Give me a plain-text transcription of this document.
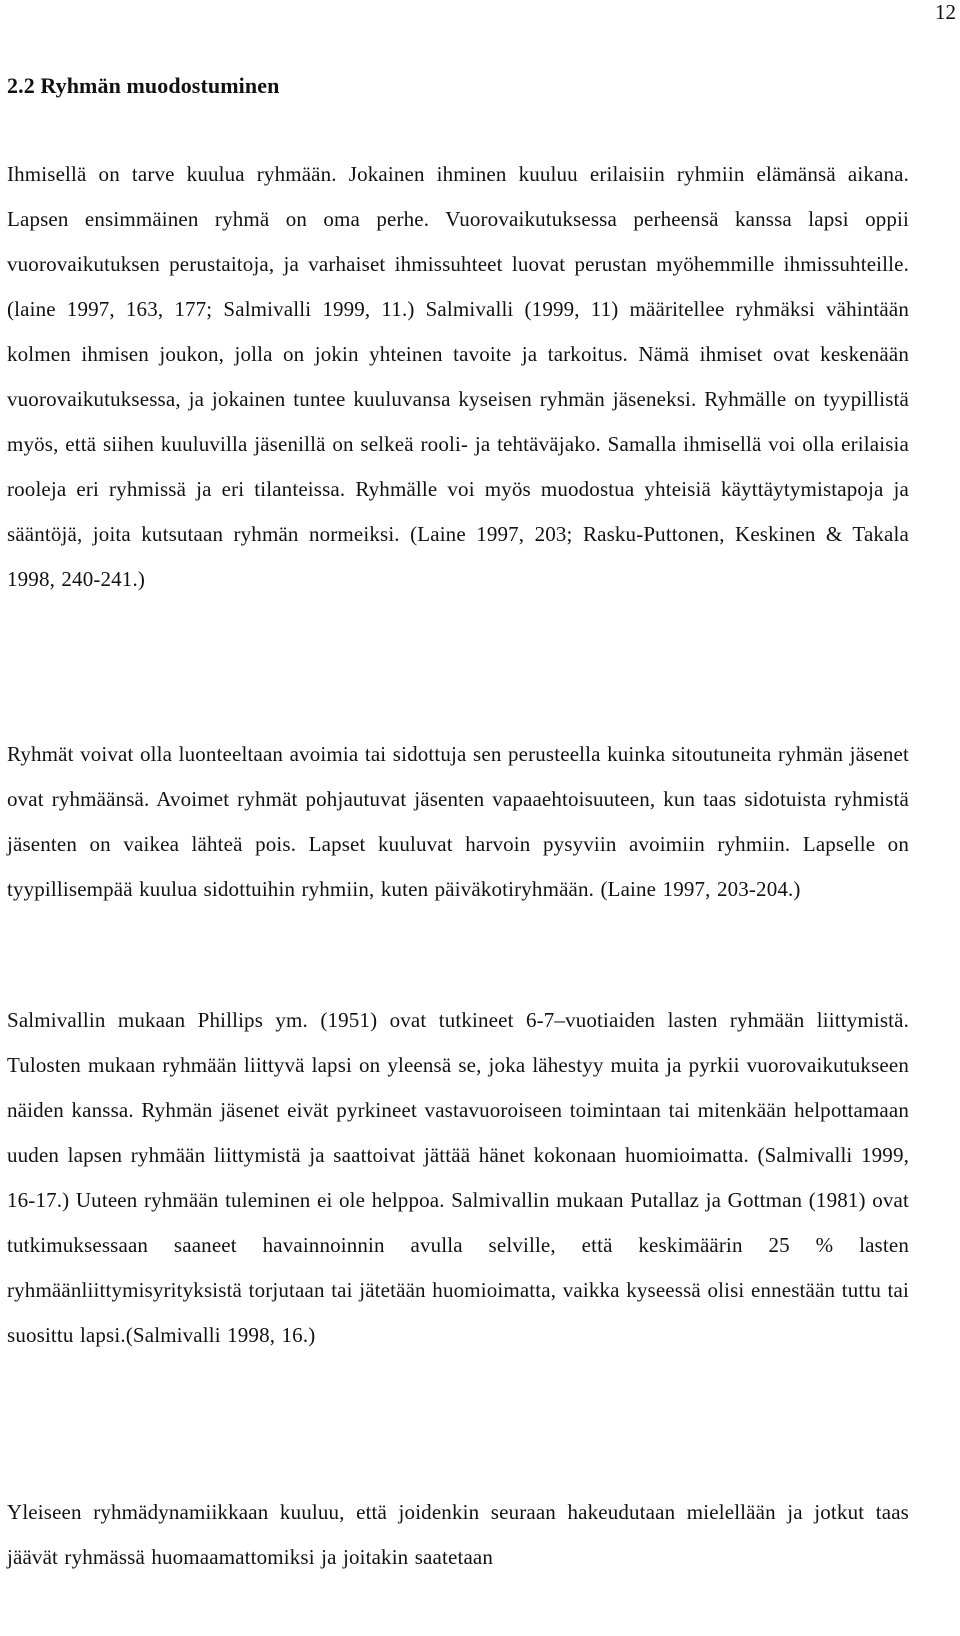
12
2.2 Ryhmän muodostuminen

Ihmisellä on tarve kuulua ryhmään. Jokainen ihminen kuuluu erilaisiin ryhmiin elämänsä aikana. Lapsen ensimmäinen ryhmä on oma perhe. Vuorovaikutuksessa perheensä kanssa lapsi oppii vuorovaikutuksen perustaitoja, ja varhaiset ihmissuhteet luovat perustan myöhemmille ihmissuhteille.(laine 1997, 163, 177; Salmivalli 1999, 11.) Salmivalli (1999, 11) määritellee ryhmäksi vähintään kolmen ihmisen joukon, jolla on jokin yhteinen tavoite ja tarkoitus. Nämä ihmiset ovat keskenään vuorovaikutuksessa, ja jokainen tuntee kuuluvansa kyseisen ryhmän jäseneksi. Ryhmälle on tyypillistä myös, että siihen kuuluvilla jäsenillä on selkeä rooli- ja tehtäväjako. Samalla ihmisellä voi olla erilaisia rooleja eri ryhmissä ja eri tilanteissa. Ryhmälle voi myös muodostua yhteisiä käyttäytymistapoja ja sääntöjä, joita kutsutaan ryhmän normeiksi. (Laine 1997, 203; Rasku-Puttonen, Keskinen & Takala 1998, 240-241.)

Ryhmät voivat olla luonteeltaan avoimia tai sidottuja sen perusteella kuinka sitoutuneita ryhmän jäsenet ovat ryhmäänsä. Avoimet ryhmät pohjautuvat jäsenten vapaaehtoisuuteen, kun taas sidotuista ryhmistä jäsenten on vaikea lähteä pois. Lapset kuuluvat harvoin pysyviin avoimiin ryhmiin. Lapselle on tyypillisempää kuulua sidottuihin ryhmiin, kuten päiväkotiryhmään. (Laine 1997, 203-204.)

Salmivallin mukaan Phillips ym. (1951) ovat tutkineet 6-7–vuotiaiden lasten ryhmään liittymistä. Tulosten mukaan ryhmään liittyvä lapsi on yleensä se, joka lähestyy muita ja pyrkii vuorovaikutukseen näiden kanssa. Ryhmän jäsenet eivät pyrkineet vastavuoroiseen toimintaan tai mitenkään helpottamaan uuden lapsen ryhmään liittymistä ja saattoivat jättää hänet kokonaan huomioimatta. (Salmivalli 1999, 16-17.) Uuteen ryhmään tuleminen ei ole helppoa. Salmivallin mukaan Putallaz ja Gottman (1981) ovat tutkimuksessaan saaneet havainnoinnin avulla selville, että keskimäärin 25 % lasten ryhmäänliittymisyrityksistä torjutaan tai jätetään huomioimatta, vaikka kyseessä olisi ennestään tuttu tai suosittu lapsi.(Salmivalli 1998, 16.)

Yleiseen ryhmädynamiikkaan kuuluu, että joidenkin seuraan hakeudutaan mielellään ja jotkut taas jäävät ryhmässä huomaamattomiksi ja joitakin saatetaan
